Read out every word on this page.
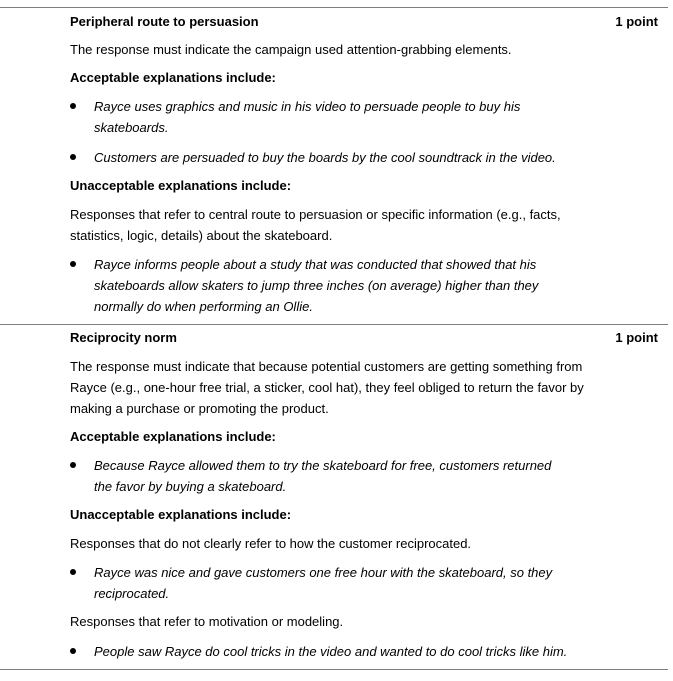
Peripheral route to persuasion	1 point
The response must indicate the campaign used attention-grabbing elements.
Acceptable explanations include:
Rayce uses graphics and music in his video to persuade people to buy his skateboards.
Customers are persuaded to buy the boards by the cool soundtrack in the video.
Unacceptable explanations include:
Responses that refer to central route to persuasion or specific information (e.g., facts, statistics, logic, details) about the skateboard.
Rayce informs people about a study that was conducted that showed that his skateboards allow skaters to jump three inches (on average) higher than they normally do when performing an Ollie.
Reciprocity norm	1 point
The response must indicate that because potential customers are getting something from Rayce (e.g., one-hour free trial, a sticker, cool hat), they feel obliged to return the favor by making a purchase or promoting the product.
Acceptable explanations include:
Because Rayce allowed them to try the skateboard for free, customers returned the favor by buying a skateboard.
Unacceptable explanations include:
Responses that do not clearly refer to how the customer reciprocated.
Rayce was nice and gave customers one free hour with the skateboard, so they reciprocated.
Responses that refer to motivation or modeling.
People saw Rayce do cool tricks in the video and wanted to do cool tricks like him.
